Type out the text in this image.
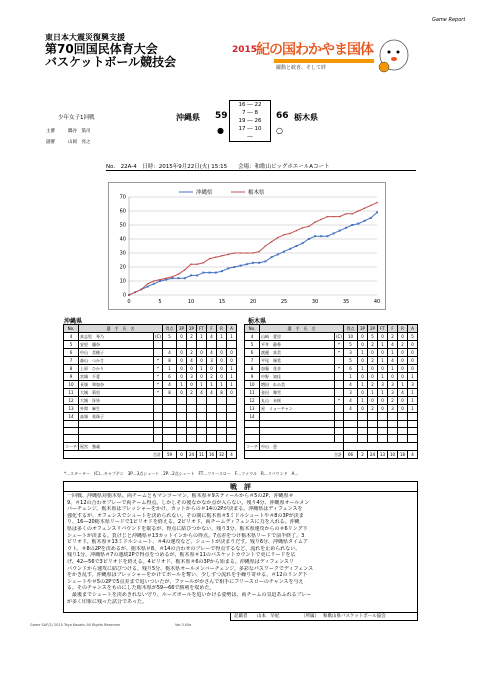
Game Report
東日本大震災復興支援
第70回国民体育大会
バスケットボール競技会
2015
紀の国わかやま国体
躍動と歓喜、そして絆
少年女子1回戦	沖縄県 59
16 ― 22
7 ― 8
19 ― 26
17 ― 10
―
●	○
66 栃木県
主審	隅谷　篤司
副審	山岡　亮之
No.　22A-4　日時：2015年9月22日(火) 15:15　　会場：和歌山ビッグホエールAコート
0
10
20
30
40
50
60
70
0	5	10	15	20	25	30	35	40
沖縄県	栃木県
沖縄県	栃木県
No.	選　手　氏　名		得点	3P	2P	FT	F	R	A
4	真志堅　琴乃	(C)	5	0	2	1	4	1	1
5	安里　優奈								
6	中山　美穂子		4	0	2	0	4	0	0
7	森山　つかさ	*	8	0	4	0	3	0	0
8	上原　ひかり	*	1	0	0	1	0	0	1
9	宮城　千愛	*	6	0	3	0	2	0	1
10	長嶺　和加奈	*	4	1	0	1	1	1	1
11	大城　莉里	*	8	0	2	4	4	8	0
12	大城　冴皆								
13	外間　麻生								
14	高嶺　栞珠子								

コーチ	屋宮　強義								
合計			59	0	24	11	16	32	4
No.	選　手　氏　名		得点	3P	2P	FT	F	R	A
4	山崎　愛里	(C)	10	0	5	0	2	0	5
5	平井　静香	*	5	0	2	1	4	2	0
6	渡邊　真美	*	3	1	0	0	1	0	0
7	平尾　瑞希		5	0	2	1	4	0	0
8	加藤　花音	*	6	1	0	0	1	0	0
9	中野　知佳		1	0	0	1	0	0	1
10	増田　れみ美		4	1	2	3	3	1	3
11	金田　舞雪		3	0	1	1	3	4	1
12	丸山　未桜	*	4	1	0	0	2	0	1
13	星　ミョーチャン		4	0	2	0	3	0	1
14									

コーチ	中山　恵								
合計			66	2	24	13	10	18	4
*…スターター　(C)…キャプテン　3P…3点シュート　2P…2点シュート　FT…フリースロー　F…ファウル　R…リバウンド　A…
戦　評
一回戦、沖縄県対栃木県。両チームともマンツーマン。栃木県＃9スティールから＃5の2P、沖縄県＃
9、＃12の合わせプレーで両チーム得点。しかしその後なかなか点が入らない。残り4分、沖縄県オールメン
バーチェンジ。栃木県はプレッシャーをかけ、カットからの＃14の2Pが決まる。沖縄県はディフェンスを
強化するが、オフェンスでシュートを決められない。その間に栃木県＃5ミドルシュートや＃8の3Pが決ま
り、16―20栃木県リードで1ピリオドを終える。2ピリオド、両チームディフェンスに力を入れる。沖縄
県は多くのオフェンスリバウンドを取るが、得点に結びつかない。残り3分、栃木県速攻からの＃6リング下
シュートが決まる。負けじと沖縄県＃13カットインからの得点。7点差をつけ栃木県リードで前半終了。3
ピリオド、栃木県＃13ミドルシュート、＃4の速攻など、シュートが決まりだす。残り6分、沖縄県タイムア
ウト。＃8の2Pを決めるが、栃木県＃8、＃14の合わせのプレーで得点するなど、流れを止められない。
残り1分、沖縄県＃7の連続2Pで得点をつめるが、栃木県＃11のバスケットカウントで更にリードを広
げ、42―56で3ピリオドを終える。4ピリオド、栃木県＃6の3Pから始まる。沖縄県はディフェンスリ
バウンドから速攻に結びつける。残り5分、栃木県オールメンバーチェンジ。多彩なパスワークでディフェンス
をかき乱す。沖縄県はプレッシャーをかけてボールを奪い、少しずつ流れを手繰り寄せる。＃12のリング下
シュートや＃5の2Pで5点差まで追いついたが、ファールがかさんで相手にフリースローのチャンスを与え
る。そのチャンスをものにした栃木県が59―66で勝利を収めた。
　最後までシュートを決めきれない守り、ルーズボールを追いかける姿勢は、両チームの気迫あふれるプレー
が多く印象に残った試合であった。
記載者 山本　早紀	（所属） 和歌山県バスケットボール協会
Game SAF/2/ 2015 Toyo Kasaku All Rights Reserved	Ver.3.00a
